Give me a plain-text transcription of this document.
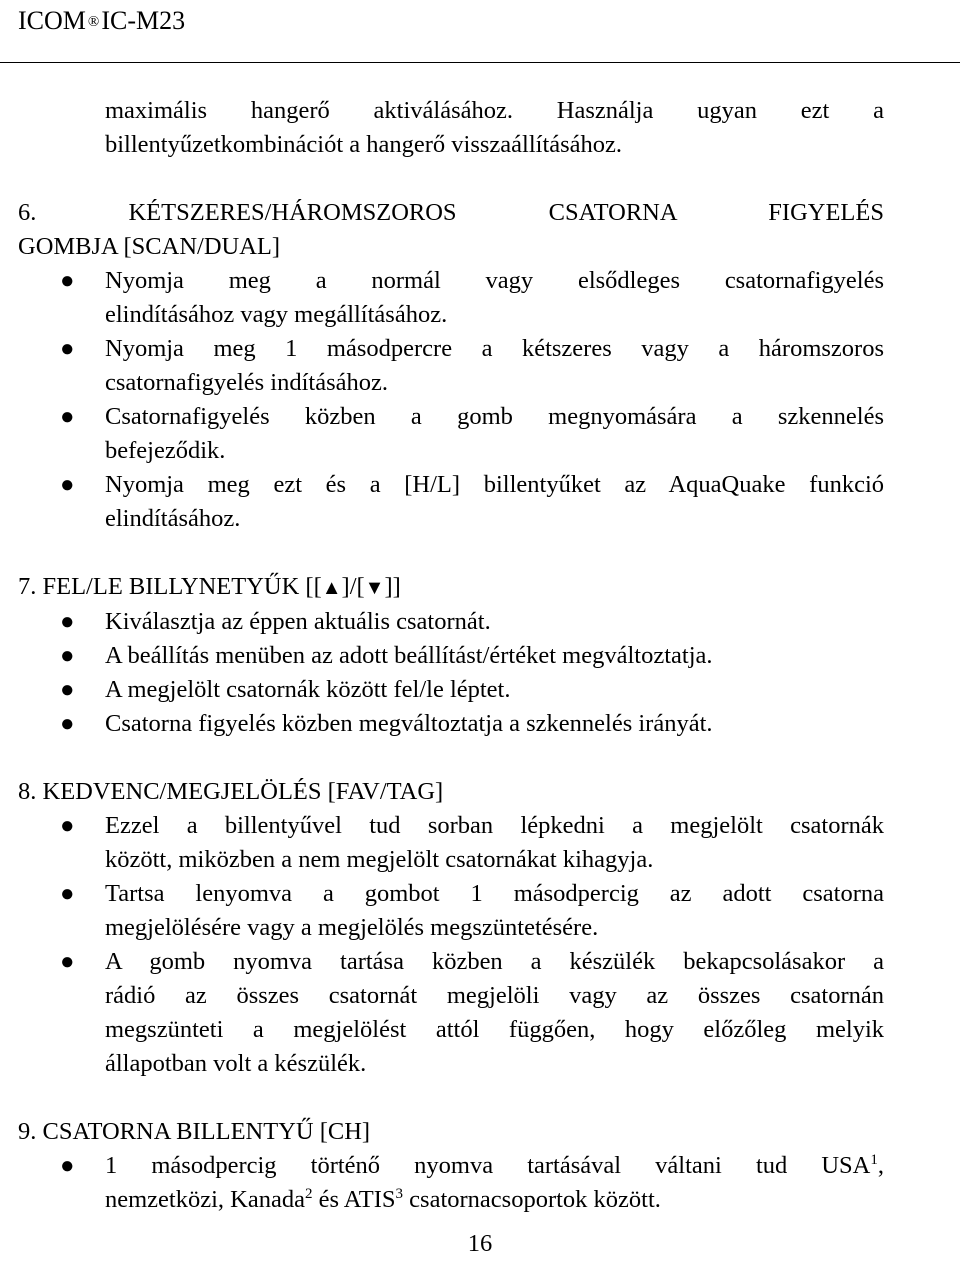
ICOM ®IC-M23

maximális hangerő aktiválásához. Használja ugyan ezt a

billentyűzetkombinációt a hangerő visszaállításához.

6. KÉTSZERES/HÁROMSZOROS CSATORNA FIGYELÉS

GOMBJA [SCAN/DUAL]

● Nyomja meg a normál vagy elsődleges csatornafigyelés
elindításához vagy megállításához.
● Nyomja meg 1 másodpercre a kétszeres vagy a háromszoros
csatornafigyelés indításához.
● Csatornafigyelés közben a gomb megnyomására a szkennelés
befejeződik.
● Nyomja meg ezt és a [H/L] billentyűket az AquaQuake funkció
elindításához.

7. FEL/LE BILLYNETYŰK [[▲]/[▼]]

● Kiválasztja az éppen aktuális csatornát.
● A beállítás menüben az adott beállítást/értéket megváltoztatja.
● A megjelölt csatornák között fel/le léptet.
● Csatorna figyelés közben megváltoztatja a szkennelés irányát.

8. KEDVENC/MEGJELÖLÉS [FAV/TAG]

● Ezzel a billentyűvel tud sorban lépkedni a megjelölt csatornák
között, miközben a nem megjelölt csatornákat kihagyja.
● Tartsa lenyomva a gombot 1 másodpercig az adott csatorna
megjelölésére vagy a megjelölés megszüntetésére.
● A gomb nyomva tartása közben a készülék bekapcsolásakor a
rádió az összes csatornát megjelöli vagy az összes csatornán
megszünteti a megjelölést attól függően, hogy előzőleg melyik
állapotban volt a készülék.

9. CSATORNA BILLENTYŰ [CH]

● 1 másodpercig történő nyomva tartásával váltani tud USA$^1$,
nemzetközi, Kanada$^2$ és ATIS$^3$ csatornacsoportok között.
16
